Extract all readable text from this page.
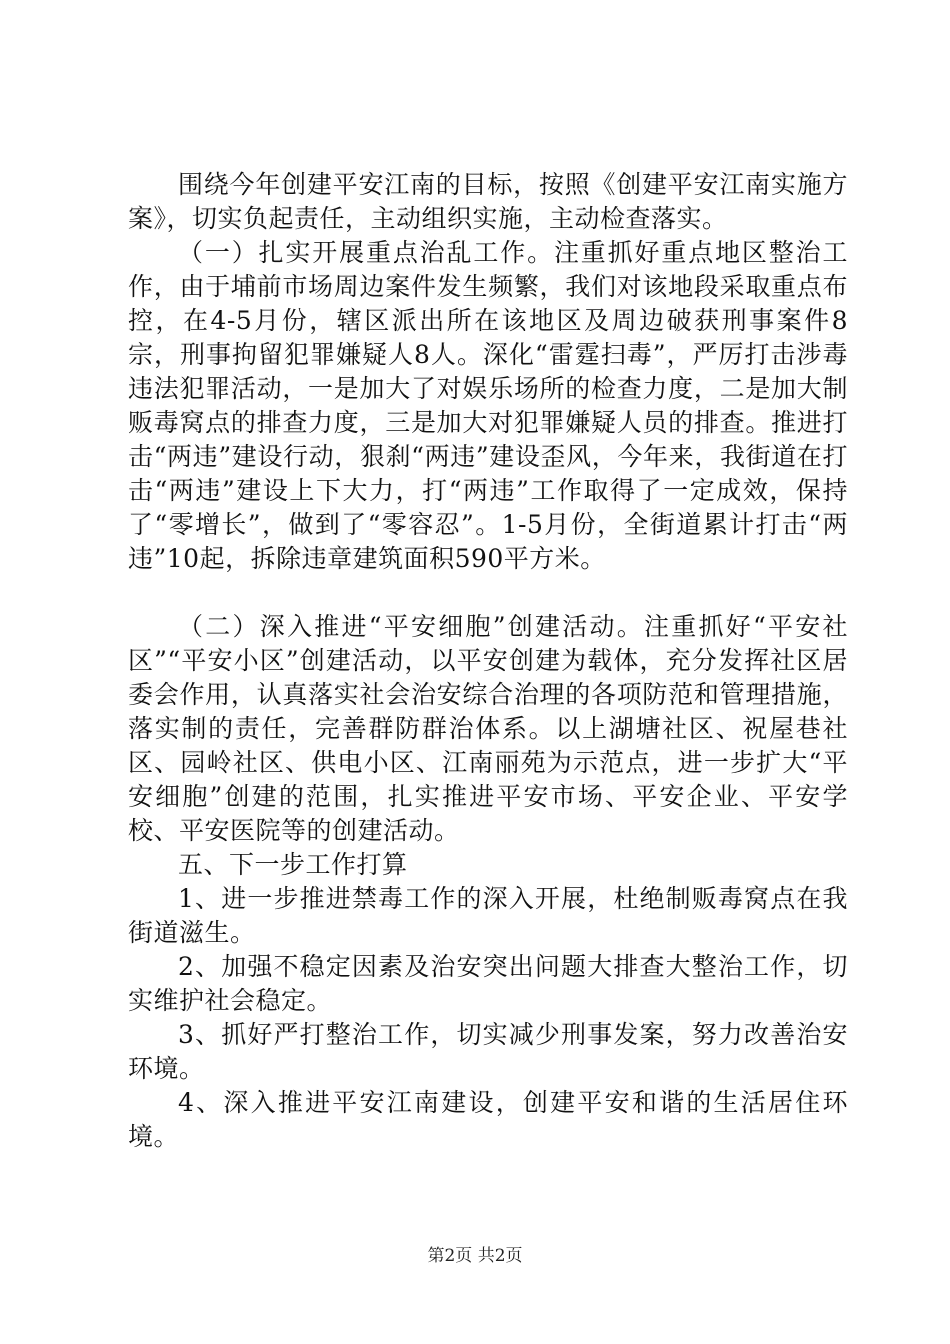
围绕今年创建平安江南的目标，按照《创建平安江南实施方案》，切实负起责任，主动组织实施，主动检查落实。

（一）扎实开展重点治乱工作。注重抓好重点地区整治工作，由于埔前市场周边案件发生频繁，我们对该地段采取重点布控，在4-5月份，辖区派出所在该地区及周边破获刑事案件8宗，刑事拘留犯罪嫌疑人8人。深化“雷霆扫毒”，严厉打击涉毒违法犯罪活动，一是加大了对娱乐场所的检查力度，二是加大制贩毒窝点的排查力度，三是加大对犯罪嫌疑人员的排查。推进打击“两违”建设行动，狠刹“两违”建设歪风，今年来，我街道在打击“两违”建设上下大力，打“两违”工作取得了一定成效，保持了“零增长”，做到了“零容忍”。1-5月份，全街道累计打击“两违”10起，拆除违章建筑面积590平方米。

（二）深入推进“平安细胞”创建活动。注重抓好“平安社区”“平安小区”创建活动，以平安创建为载体，充分发挥社区居委会作用，认真落实社会治安综合治理的各项防范和管理措施，落实制的责任，完善群防群治体系。以上湖塘社区、祝屋巷社区、园岭社区、供电小区、江南丽苑为示范点，进一步扩大“平安细胞”创建的范围，扎实推进平安市场、平安企业、平安学校、平安医院等的创建活动。

五、下一步工作打算

1、进一步推进禁毒工作的深入开展，杜绝制贩毒窝点在我街道滋生。

2、加强不稳定因素及治安突出问题大排查大整治工作，切实维护社会稳定。

3、抓好严打整治工作，切实减少刑事发案，努力改善治安环境。

4、深入推进平安江南建设，创建平安和谐的生活居住环境。

第2页 共2页
